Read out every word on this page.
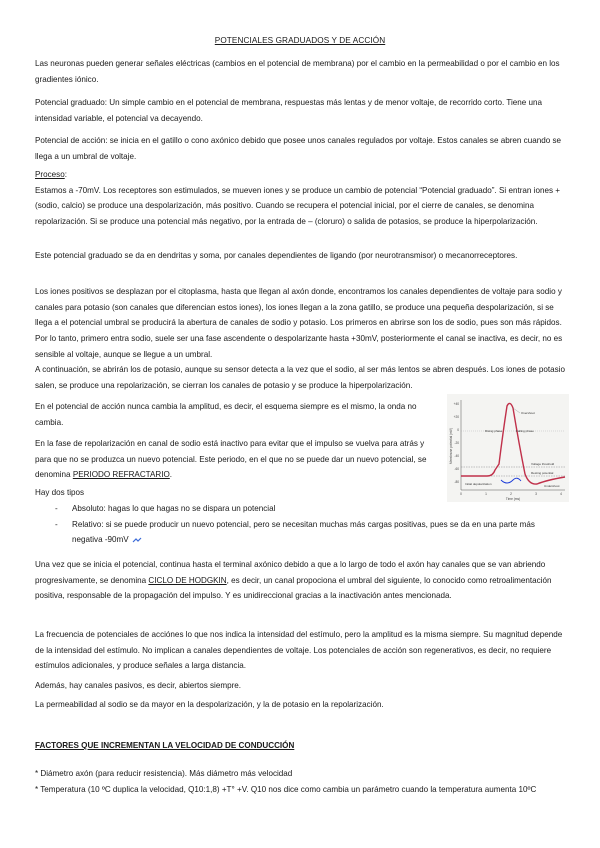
POTENCIALES GRADUADOS Y DE ACCIÓN

Las neuronas pueden generar señales eléctricas (cambios en el potencial de membrana) por el cambio en la permeabilidad o por el cambio en los gradientes iónico.

Potencial graduado: Un simple cambio en el potencial de membrana, respuestas más lentas y de menor voltaje, de recorrido corto. Tiene una intensidad variable, el potencial va decayendo.

Potencial de acción: se inicia en el gatillo o cono axónico debido que posee unos canales regulados por voltaje. Estos canales se abren cuando se llega a un umbral de voltaje.

Proceso:
Estamos a -70mV. Los receptores son estimulados, se mueven iones y se produce un cambio de potencial “Potencial graduado”. Si entran iones + (sodio, calcio) se produce una despolarización, más positivo. Cuando se recupera el potencial inicial, por el cierre de canales, se denomina repolarización. Si se produce una potencial más negativo, por la entrada de – (cloruro) o salida de potasios, se produce la hiperpolarización.

Este potencial graduado se da en dendritas y soma, por canales dependientes de ligando (por neurotransmisor) o mecanorreceptores.

Los iones positivos se desplazan por el citoplasma, hasta que llegan al axón donde, encontramos los canales dependientes de voltaje para sodio y canales para potasio (son canales que diferencian estos iones), los iones llegan a la zona gatillo, se produce una pequeña despolarización, si se llega a el potencial umbral se producirá la abertura de canales de sodio y potasio. Los primeros en abrirse son los de sodio, pues son más rápidos. Por lo tanto, primero entra sodio, suele ser una fase ascendente o despolarizante hasta +30mV, posteriormente el canal se inactiva, es decir, no es sensible al voltaje, aunque se llegue a un umbral.

A continuación, se abrirán los de potasio, aunque su sensor detecta a la vez que el sodio, al ser más lentos se abren después. Los iones de potasio salen, se produce una repolarización, se cierran los canales de potasio y se produce la hiperpolarización.

En el potencial de acción nunca cambia la amplitud, es decir, el esquema siempre es el mismo, la onda no cambia.

En la fase de repolarización en canal de sodio está inactivo para evitar que el impulso se vuelva para atrás y para que no se produzca un nuevo potencial. Este periodo, en el que no se puede dar un nuevo potencial, se denomina PERIODO REFRACTARIO.

Hay dos tipos

- Absoluto: hagas lo que hagas no se dispara un potencial
- Relativo: si se puede producir un nuevo potencial, pero se necesitan muchas más cargas positivas, pues se da en una parte más negativa -90mV

Una vez que se inicia el potencial, continua hasta el terminal axónico debido a que a lo largo de todo el axón hay canales que se van abriendo progresivamente, se denomina CICLO DE HODGKIN, es decir, un canal propociona el umbral del siguiente, lo conocido como retroalimentación positiva, responsable de la propagación del impulso. Y es unidireccional gracias a la inactivación antes mencionada.

La frecuencia de potenciales de acciónes lo que nos indica la intensidad del estímulo, pero la amplitud es la misma siempre. Su magnitud depende de la intensidad del estímulo. No implican a canales dependientes de voltaje. Los potenciales de acción son regenerativos, es decir, no requiere estímulos adicionales, y produce señales a larga distancia.

Además, hay canales pasivos, es decir, abiertos siempre.

La permeabilidad al sodio se da mayor en la despolarización, y la de potasio en la repolarización.

FACTORES QUE INCREMENTAN LA VELOCIDAD DE CONDUCCIÓN

* Diámetro axón (para reducir resistencia). Más diámetro más velocidad

* Temperatura (10 ºC duplica la velocidad, Q10:1,8) +T° +V. Q10 nos dice como cambia un parámetro cuando la temperatura aumenta 10ºC

+40
+20
0
-20
-40
-60
-80
0	1	2	3	4
Time (ms)
Membrane potential (mV)
Overshoot
Rising phase	Falling phase
Voltage threshold
Resting potential
Initial depolarization	Undershoot
